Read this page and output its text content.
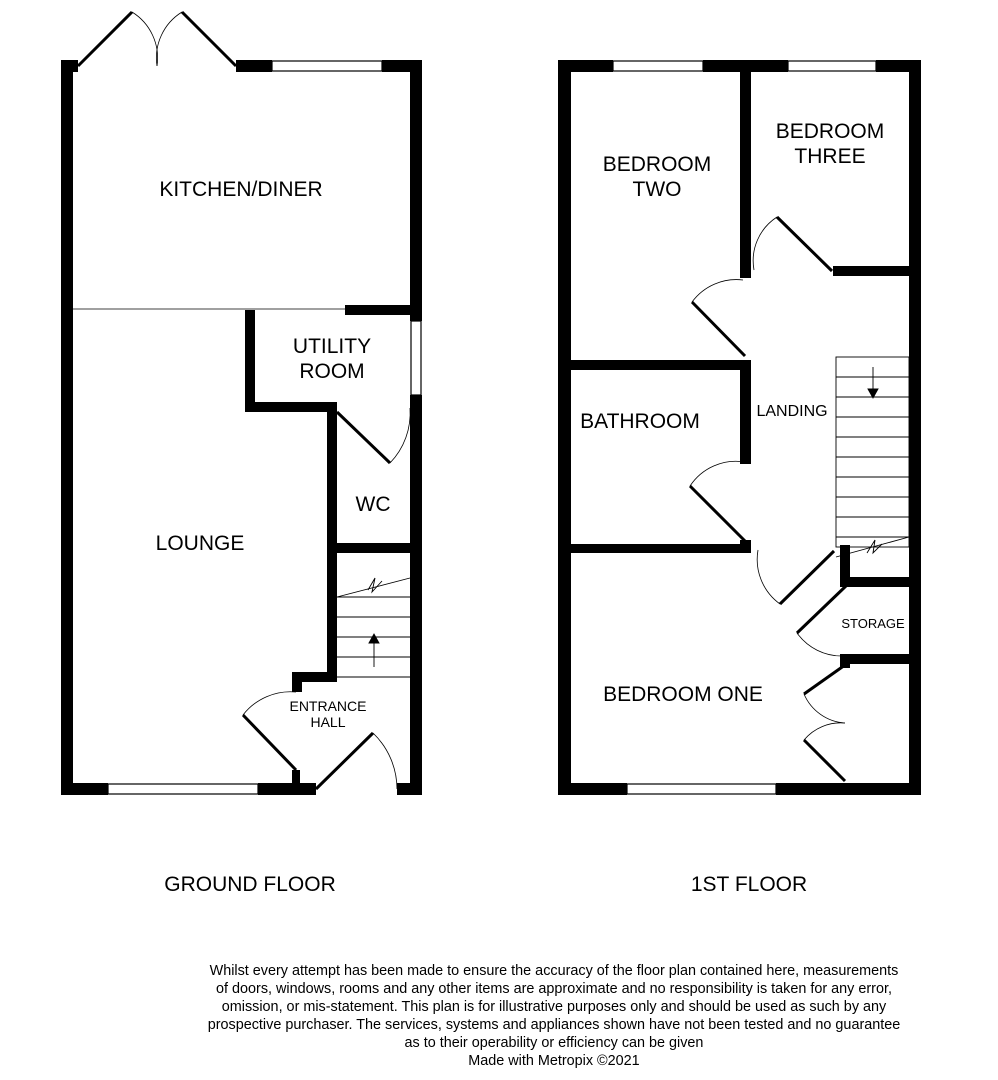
KITCHEN/DINER
UTILITY
ROOM
WC
LOUNGE
ENTRANCE
HALL
GROUND FLOOR
BEDROOM
TWO
BEDROOM
THREE
BATHROOM	LANDING
STORAGE
BEDROOM ONE
1ST FLOOR
Whilst every attempt has been made to ensure the accuracy of the floor plan contained here, measurements
of doors, windows, rooms and any other items are approximate and no responsibility is taken for any error,
omission, or mis-statement. This plan is for illustrative purposes only and should be used as such by any
prospective purchaser. The services, systems and appliances shown have not been tested and no guarantee
as to their operability or efficiency can be given
Made with Metropix ©2021
